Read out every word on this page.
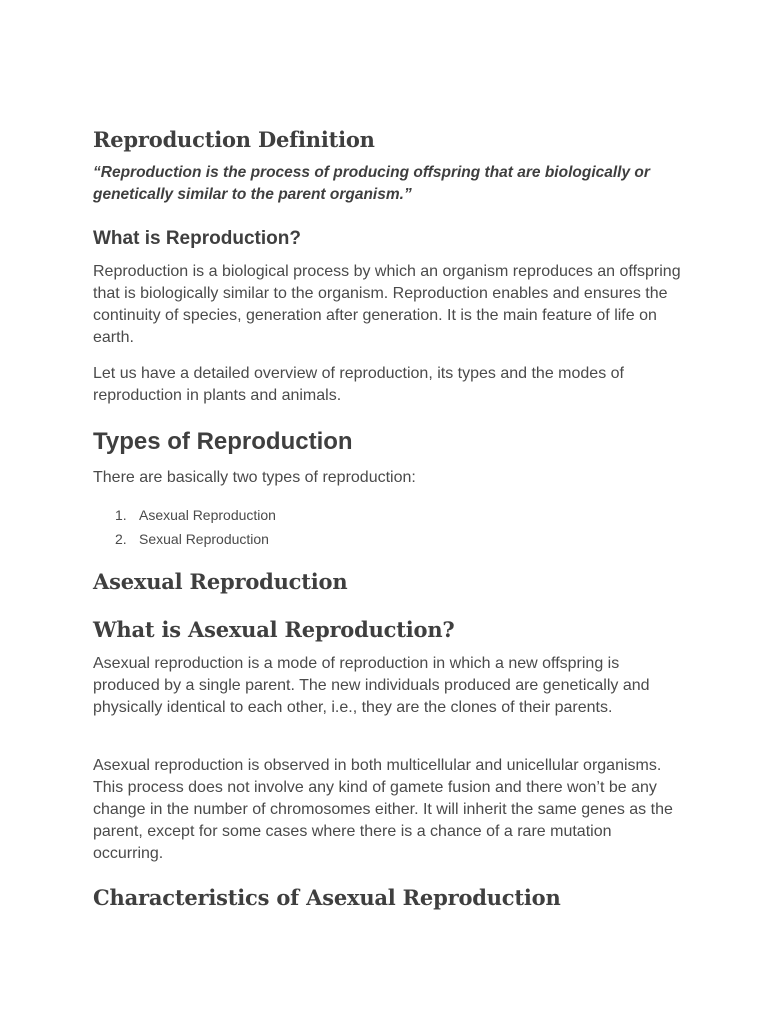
Reproduction Definition

“Reproduction is the process of producing offspring that are biologically or genetically similar to the parent organism.”

What is Reproduction?

Reproduction is a biological process by which an organism reproduces an offspring that is biologically similar to the organism. Reproduction enables and ensures the continuity of species, generation after generation. It is the main feature of life on earth.

Let us have a detailed overview of reproduction, its types and the modes of reproduction in plants and animals.

Types of Reproduction

There are basically two types of reproduction:

1. Asexual Reproduction
2. Sexual Reproduction
Asexual Reproduction
What is Asexual Reproduction?

Asexual reproduction is a mode of reproduction in which a new offspring is produced by a single parent. The new individuals produced are genetically and physically identical to each other, i.e., they are the clones of their parents.

Asexual reproduction is observed in both multicellular and unicellular organisms. This process does not involve any kind of gamete fusion and there won’t be any change in the number of chromosomes either. It will inherit the same genes as the parent, except for some cases where there is a chance of a rare mutation occurring.

Characteristics of Asexual Reproduction
